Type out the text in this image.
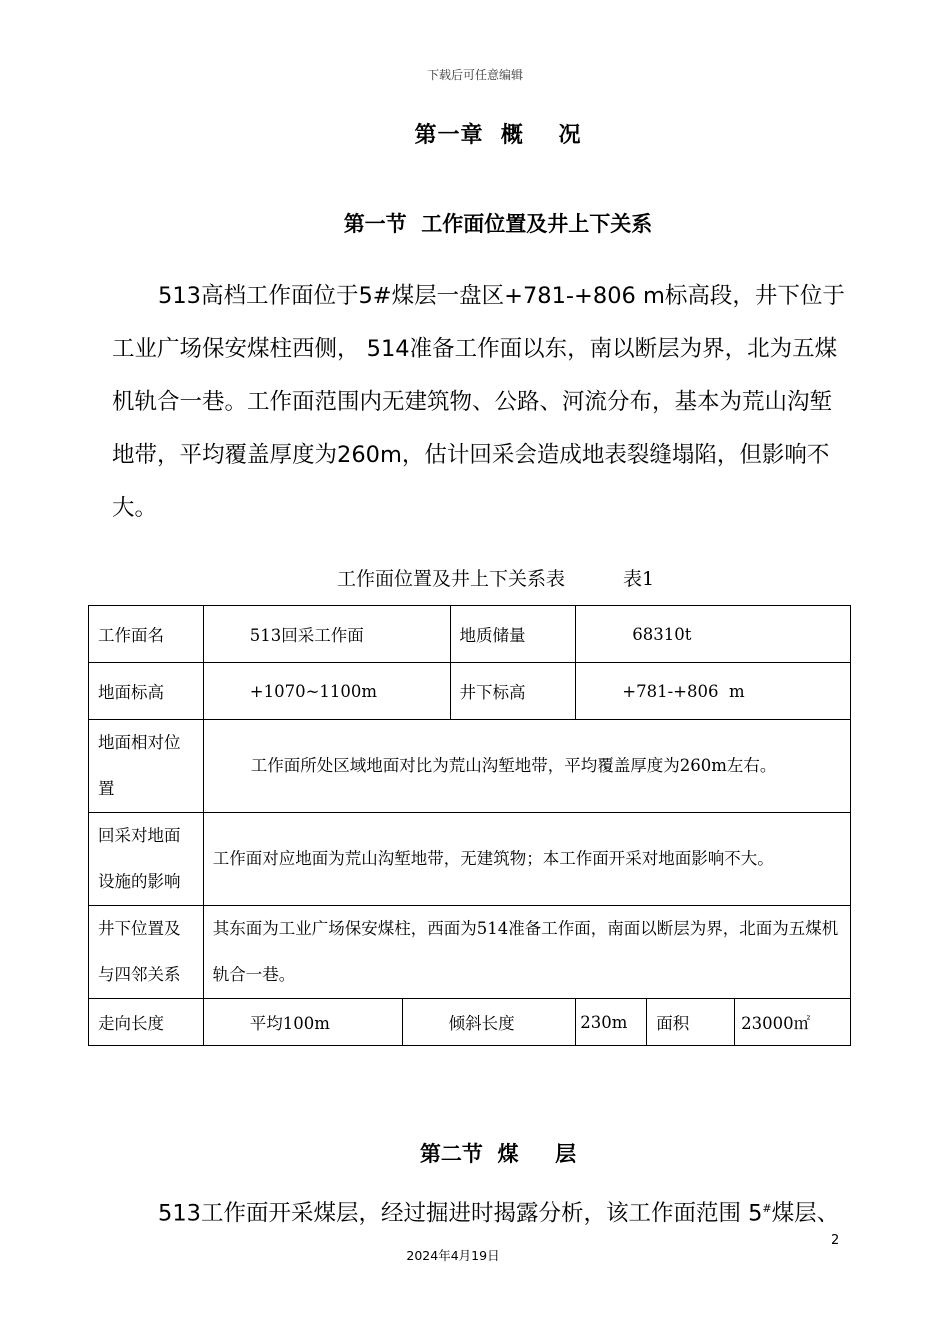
下载后可任意编辑
第一章  概    况
第一节  工作面位置及井上下关系
513高档工作面位于5#煤层一盘区+781-+806 m标高段，井下位于工业广场保安煤柱西侧， 514准备工作面以东，南以断层为界，北为五煤机轨合一巷。工作面范围内无建筑物、公路、河流分布，基本为荒山沟堑地带，平均覆盖厚度为260m，估计回采会造成地表裂缝塌陷，但影响不大。
工作面位置及井上下关系表	表1
工作面名	513回采工作面		地质储量	68310t		
地面标高	+1070~1100m		井下标高	+781-+806  m		
地面相对位    置	工作面所处区域地面对比为荒山沟堑地带，平均覆盖厚度为260m左右。					
回采对地面设施的影响	工作面对应地面为荒山沟堑地带，无建筑物；本工作面开采对地面影响不大。					
井下位置及与四邻关系	其东面为工业广场保安煤柱，西面为514准备工作面，南面以断层为界，北面为五煤机轨合一巷。					
走向长度	平均100m	倾斜长度		230m	面积	23000㎡
第二节  煤     层
513工作面开采煤层，经过掘进时揭露分析，该工作面范围 5#煤层、
2
2024年4月19日
